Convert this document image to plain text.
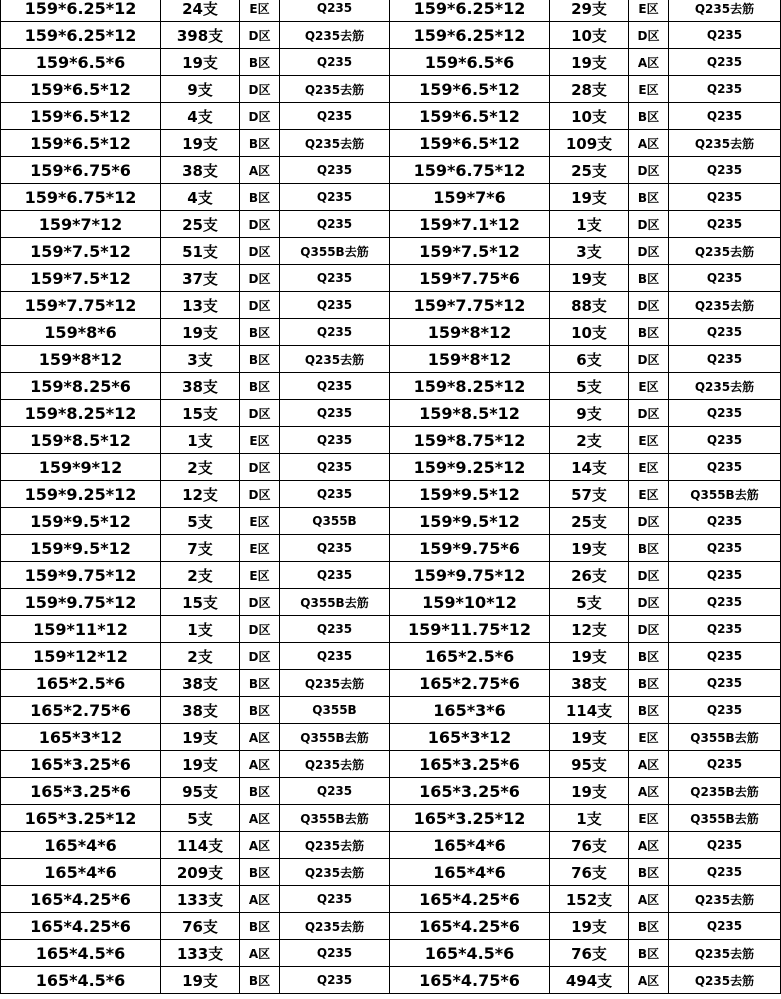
159*6.25*12	24支	E区	Q235	159*6.25*12	29支	E区	Q235去筋
159*6.25*12	398支	D区	Q235去筋	159*6.25*12	10支	D区	Q235
159*6.5*6	19支	B区	Q235	159*6.5*6	19支	A区	Q235
159*6.5*12	9支	D区	Q235去筋	159*6.5*12	28支	E区	Q235
159*6.5*12	4支	D区	Q235	159*6.5*12	10支	B区	Q235
159*6.5*12	19支	B区	Q235去筋	159*6.5*12	109支	A区	Q235去筋
159*6.75*6	38支	A区	Q235	159*6.75*12	25支	D区	Q235
159*6.75*12	4支	B区	Q235	159*7*6	19支	B区	Q235
159*7*12	25支	D区	Q235	159*7.1*12	1支	D区	Q235
159*7.5*12	51支	D区	Q355B去筋	159*7.5*12	3支	D区	Q235去筋
159*7.5*12	37支	D区	Q235	159*7.75*6	19支	B区	Q235
159*7.75*12	13支	D区	Q235	159*7.75*12	88支	D区	Q235去筋
159*8*6	19支	B区	Q235	159*8*12	10支	B区	Q235
159*8*12	3支	B区	Q235去筋	159*8*12	6支	D区	Q235
159*8.25*6	38支	B区	Q235	159*8.25*12	5支	E区	Q235去筋
159*8.25*12	15支	D区	Q235	159*8.5*12	9支	D区	Q235
159*8.5*12	1支	E区	Q235	159*8.75*12	2支	E区	Q235
159*9*12	2支	D区	Q235	159*9.25*12	14支	E区	Q235
159*9.25*12	12支	D区	Q235	159*9.5*12	57支	E区	Q355B去筋
159*9.5*12	5支	E区	Q355B	159*9.5*12	25支	D区	Q235
159*9.5*12	7支	E区	Q235	159*9.75*6	19支	B区	Q235
159*9.75*12	2支	E区	Q235	159*9.75*12	26支	D区	Q235
159*9.75*12	15支	D区	Q355B去筋	159*10*12	5支	D区	Q235
159*11*12	1支	D区	Q235	159*11.75*12	12支	D区	Q235
159*12*12	2支	D区	Q235	165*2.5*6	19支	B区	Q235
165*2.5*6	38支	B区	Q235去筋	165*2.75*6	38支	B区	Q235
165*2.75*6	38支	B区	Q355B	165*3*6	114支	B区	Q235
165*3*12	19支	A区	Q355B去筋	165*3*12	19支	E区	Q355B去筋
165*3.25*6	19支	A区	Q235去筋	165*3.25*6	95支	A区	Q235
165*3.25*6	95支	B区	Q235	165*3.25*6	19支	A区	Q235B去筋
165*3.25*12	5支	A区	Q355B去筋	165*3.25*12	1支	E区	Q355B去筋
165*4*6	114支	A区	Q235去筋	165*4*6	76支	A区	Q235
165*4*6	209支	B区	Q235去筋	165*4*6	76支	B区	Q235
165*4.25*6	133支	A区	Q235	165*4.25*6	152支	A区	Q235去筋
165*4.25*6	76支	B区	Q235去筋	165*4.25*6	19支	B区	Q235
165*4.5*6	133支	A区	Q235	165*4.5*6	76支	B区	Q235去筋
165*4.5*6	19支	B区	Q235	165*4.75*6	494支	A区	Q235去筋
